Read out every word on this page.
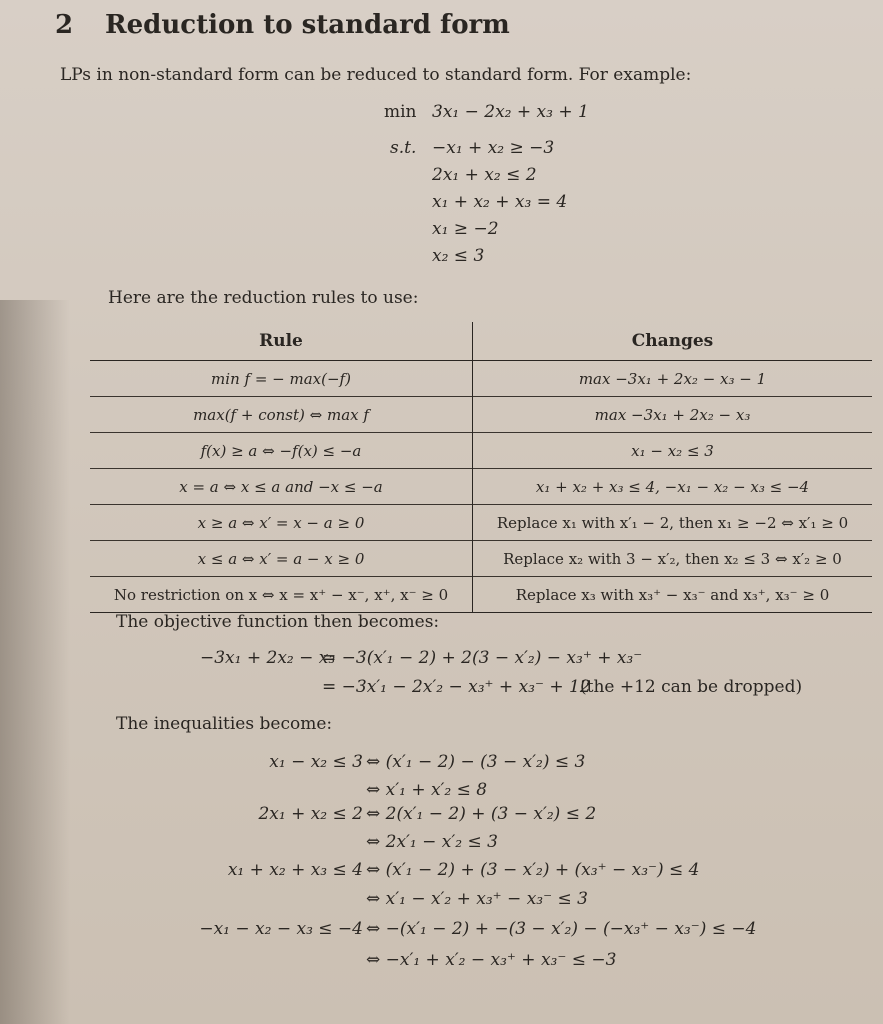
2 Reduction to standard form
LPs in non-standard form can be reduced to standard form. For example:
min 3x₁ − 2x₂ + x₃ + 1
s.t. −x₁ + x₂ ≥ −3
2x₁ + x₂ ≤ 2
x₁ + x₂ + x₃ = 4
x₁ ≥ −2
x₂ ≤ 3
Here are the reduction rules to use:
Rule	Changes
min f = − max(−f)	max −3x₁ + 2x₂ − x₃ − 1
max(f + const) ⇔ max f	max −3x₁ + 2x₂ − x₃
f(x) ≥ a ⇔ −f(x) ≤ −a	x₁ − x₂ ≤ 3
x = a ⇔ x ≤ a and −x ≤ −a	x₁ + x₂ + x₃ ≤ 4, −x₁ − x₂ − x₃ ≤ −4
x ≥ a ⇔ x′ = x − a ≥ 0	Replace x₁ with x′₁ − 2, then x₁ ≥ −2 ⇔ x′₁ ≥ 0
x ≤ a ⇔ x′ = a − x ≥ 0	Replace x₂ with 3 − x′₂, then x₂ ≤ 3 ⇔ x′₂ ≥ 0
No restriction on x ⇔ x = x⁺ − x⁻, x⁺, x⁻ ≥ 0	Replace x₃ with x₃⁺ − x₃⁻ and x₃⁺, x₃⁻ ≥ 0
The objective function then becomes:
−3x₁ + 2x₂ − x₃
= −3(x′₁ − 2) + 2(3 − x′₂) − x₃⁺ + x₃⁻
= −3x′₁ − 2x′₂ − x₃⁺ + x₃⁻ + 12
(the +12 can be dropped)
The inequalities become:
x₁ − x₂ ≤ 3 ⇔ (x′₁ − 2) − (3 − x′₂) ≤ 3
⇔ x′₁ + x′₂ ≤ 8
2x₁ + x₂ ≤ 2 ⇔ 2(x′₁ − 2) + (3 − x′₂) ≤ 2
⇔ 2x′₁ − x′₂ ≤ 3
x₁ + x₂ + x₃ ≤ 4 ⇔ (x′₁ − 2) + (3 − x′₂) + (x₃⁺ − x₃⁻) ≤ 4
⇔ x′₁ − x′₂ + x₃⁺ − x₃⁻ ≤ 3
−x₁ − x₂ − x₃ ≤ −4 ⇔ −(x′₁ − 2) + −(3 − x′₂) − (−x₃⁺ − x₃⁻) ≤ −4
⇔ −x′₁ + x′₂ − x₃⁺ + x₃⁻ ≤ −3
